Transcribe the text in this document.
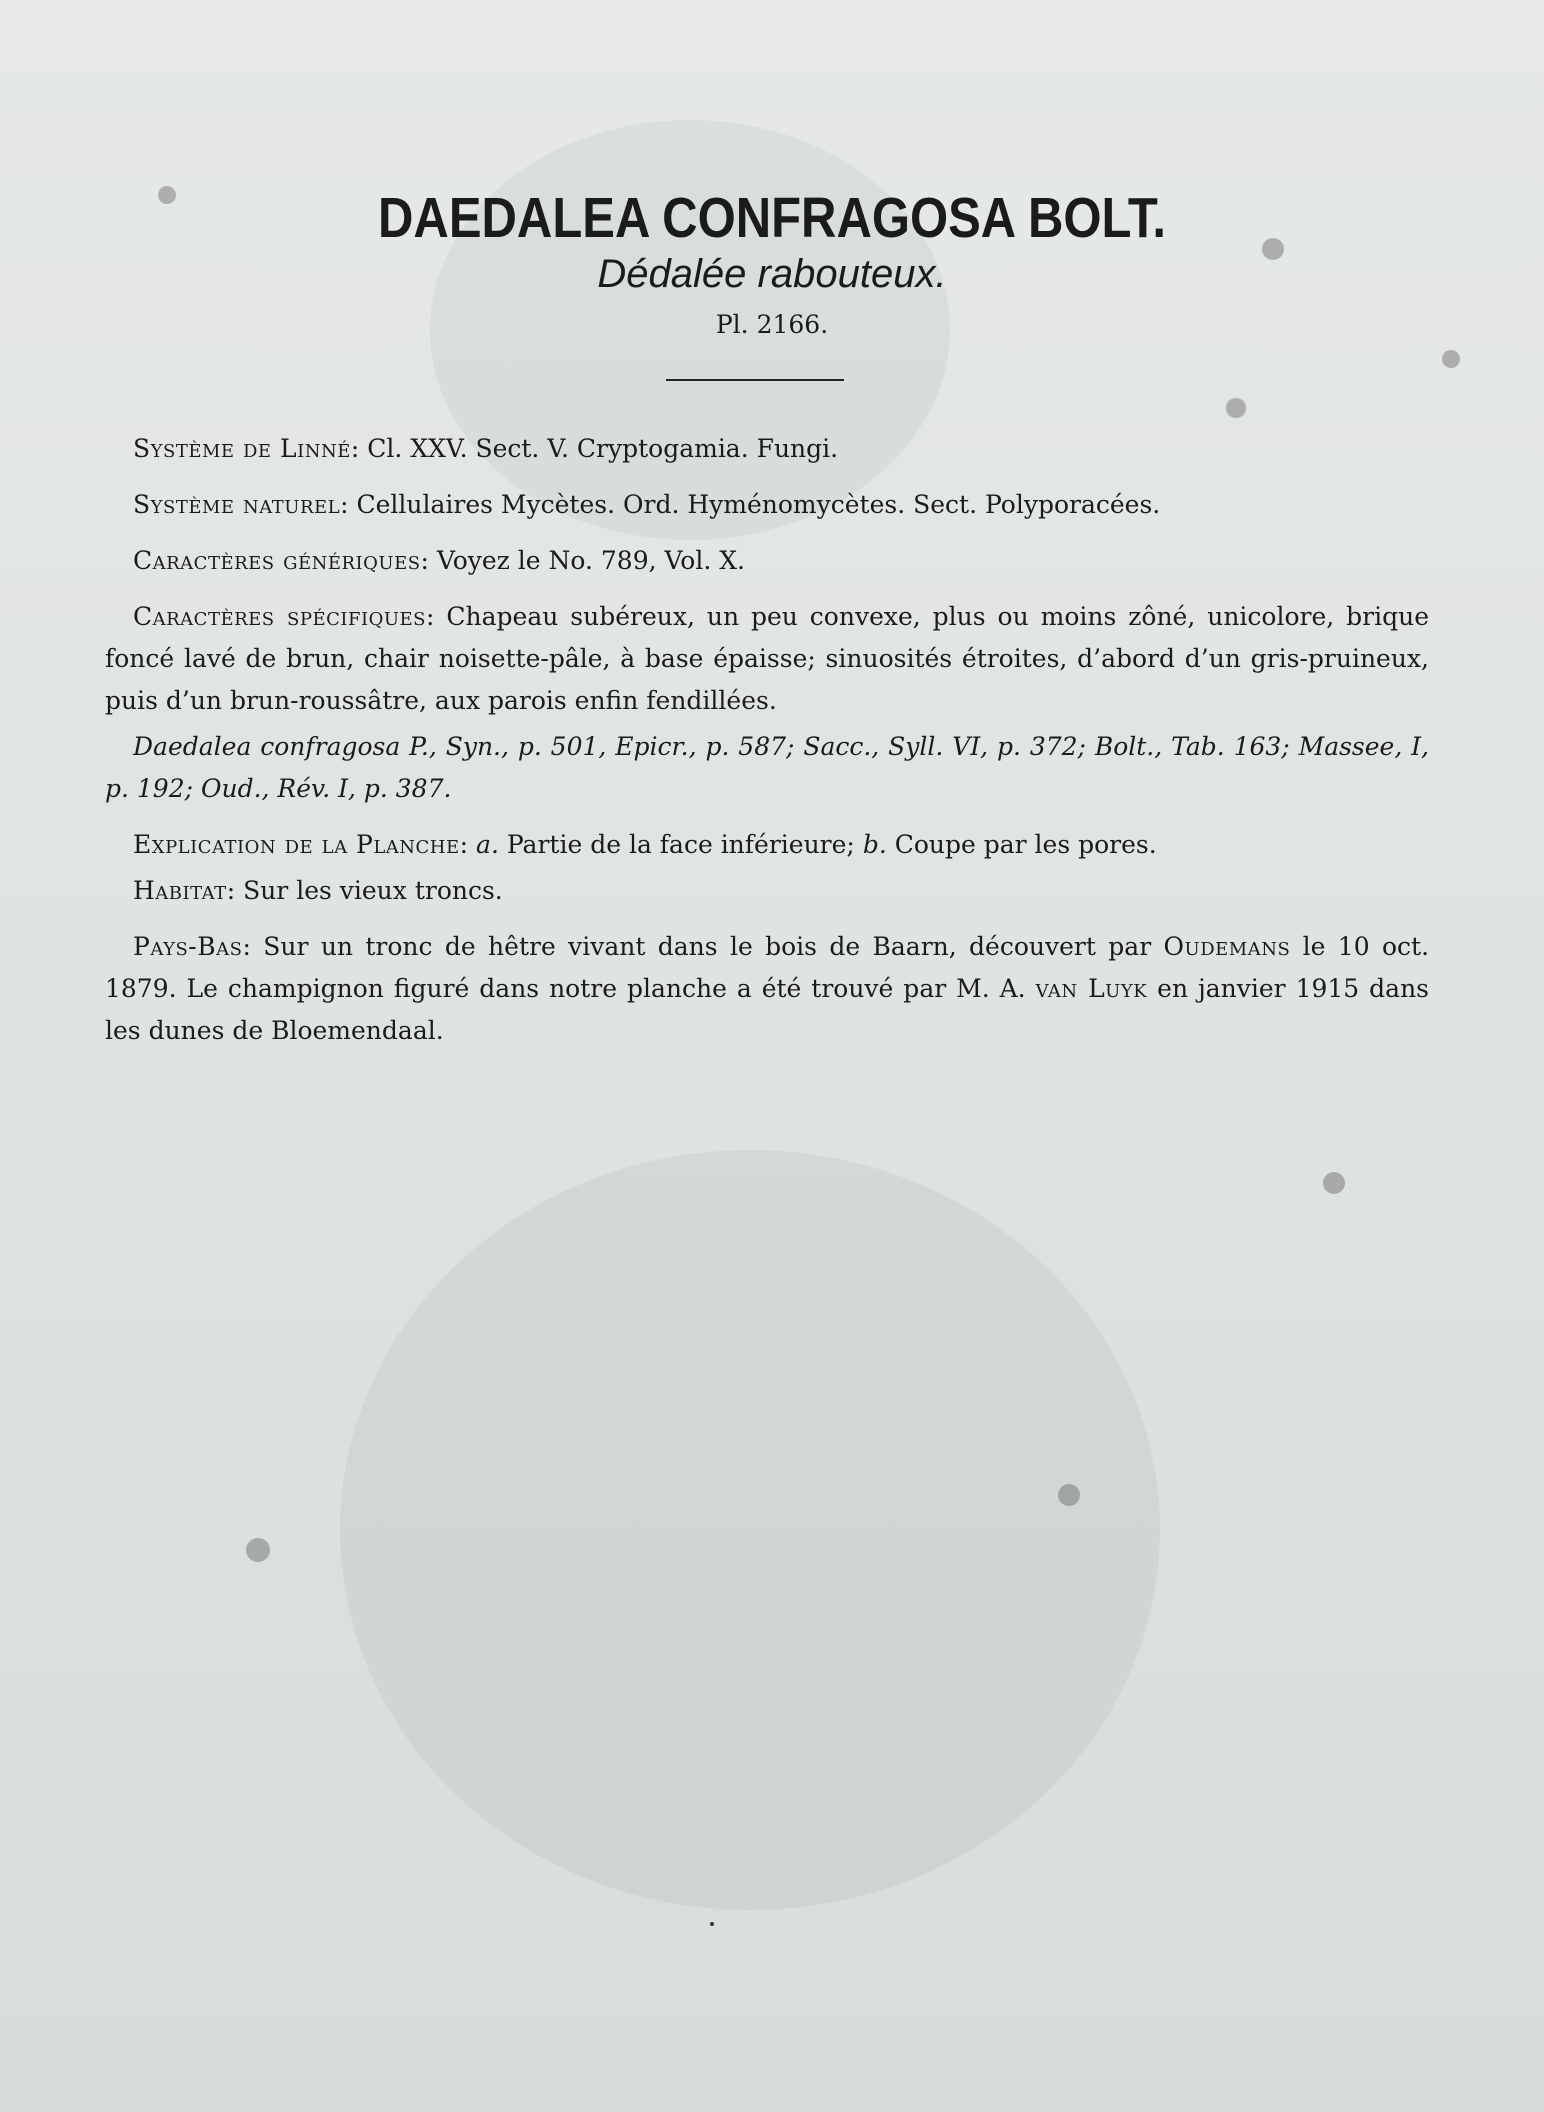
DAEDALEA CONFRAGOSA BOLT.
Dédalée rabouteux.
Pl. 2166.

Système de Linné: Cl. XXV. Sect. V. Cryptogamia. Fungi.

Système naturel: Cellulaires Mycètes. Ord. Hyménomycètes. Sect. Polyporacées.

Caractères génériques: Voyez le No. 789, Vol. X.

Caractères spécifiques: Chapeau subéreux, un peu convexe, plus ou moins zôné, unicolore, brique foncé lavé de brun, chair noisette-pâle, à base épaisse; sinuosités étroites, d’abord d’un gris-pruineux, puis d’un brun-roussâtre, aux parois enfin fendillées.

Daedalea confragosa P., Syn., p. 501, Epicr., p. 587; Sacc., Syll. VI, p. 372; Bolt., Tab. 163; Massee, I, p. 192; Oud., Rév. I, p. 387.

Explication de la Planche: a. Partie de la face inférieure; b. Coupe par les pores.

Habitat: Sur les vieux troncs.

Pays-Bas: Sur un tronc de hêtre vivant dans le bois de Baarn, découvert par Oudemans le 10 oct. 1879. Le champignon figuré dans notre planche a été trouvé par M. A. van Luyk en janvier 1915 dans les dunes de Bloemendaal.
